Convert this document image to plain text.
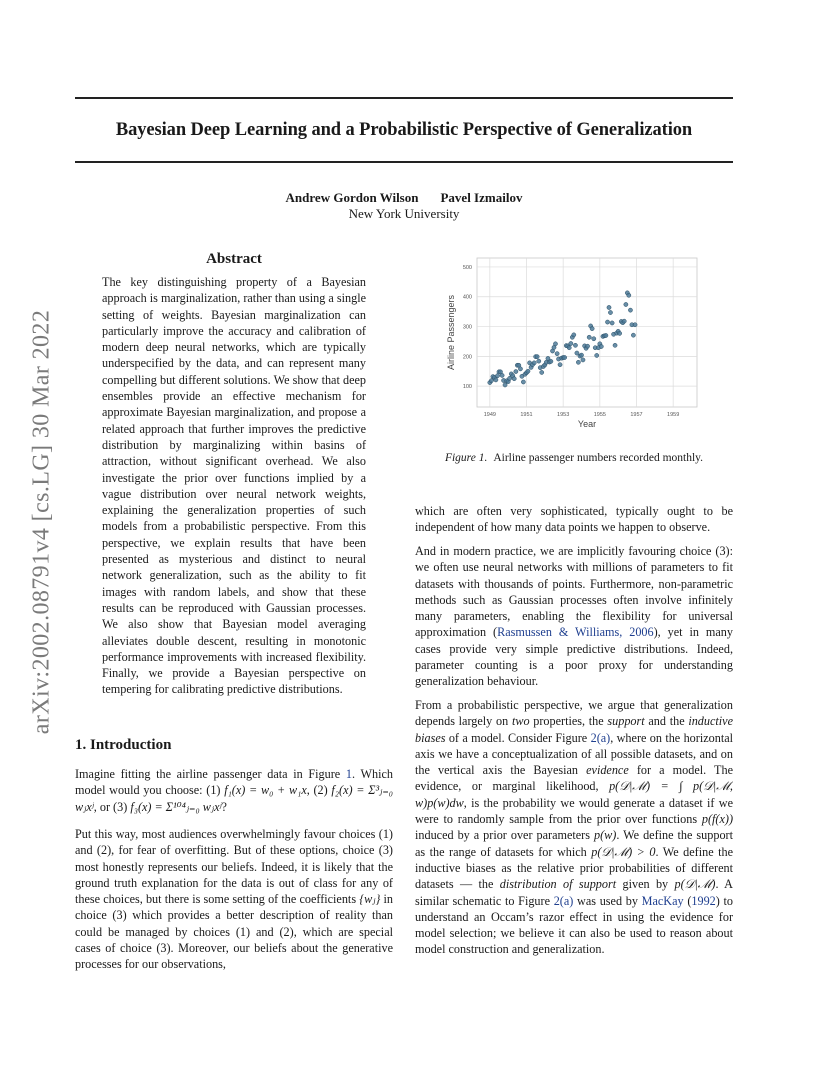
Bayesian Deep Learning and a Probabilistic Perspective of Generalization
Andrew Gordon Wilson Pavel Izmailov
New York University
arXiv:2002.08791v4 [cs.LG] 30 Mar 2022
Abstract
The key distinguishing property of a Bayesian approach is marginalization, rather than using a single setting of weights. Bayesian marginalization can particularly improve the accuracy and calibration of modern deep neural networks, which are typically underspecified by the data, and can represent many compelling but different solutions. We show that deep ensembles provide an effective mechanism for approximate Bayesian marginalization, and propose a related approach that further improves the predictive distribution by marginalizing within basins of attraction, without significant overhead. We also investigate the prior over functions implied by a vague distribution over neural network weights, explaining the generalization properties of such models from a probabilistic perspective. From this perspective, we explain results that have been presented as mysterious and distinct to neural network generalization, such as the ability to fit images with random labels, and show that these results can be reproduced with Gaussian processes. We also show that Bayesian model averaging alleviates double descent, resulting in monotonic performance improvements with increased flexibility. Finally, we provide a Bayesian perspective on tempering for calibrating predictive distributions.
1. Introduction
Imagine fitting the airline passenger data in Figure 1. Which model would you choose: (1) f₁(x) = w₀ + w₁x, (2) f₂(x) = Σ³ⱼ₌₀ wⱼxʲ, or (3) f₃(x) = Σ¹⁰⁴ⱼ₌₀ wⱼxʲ?
Put this way, most audiences overwhelmingly favour choices (1) and (2), for fear of overfitting. But of these options, choice (3) most honestly represents our beliefs. Indeed, it is likely that the ground truth explanation for the data is out of class for any of these choices, but there is some setting of the coefficients {wⱼ} in choice (3) which provides a better description of reality than could be managed by choices (1) and (2), which are special cases of choice (3). Moreover, our beliefs about the generative processes for our observations,
100
200
300
400
500
1949	1951	1953	1955	1957	1959
Year
Airline Passengers
Figure 1. Airline passenger numbers recorded monthly.
which are often very sophisticated, typically ought to be independent of how many data points we happen to observe.
And in modern practice, we are implicitly favouring choice (3): we often use neural networks with millions of parameters to fit datasets with thousands of points. Furthermore, non-parametric methods such as Gaussian processes often involve infinitely many parameters, enabling the flexibility for universal approximation (Rasmussen & Williams, 2006), yet in many cases provide very simple predictive distributions. Indeed, parameter counting is a poor proxy for understanding generalization behaviour.
From a probabilistic perspective, we argue that generalization depends largely on two properties, the support and the inductive biases of a model. Consider Figure 2(a), where on the horizontal axis we have a conceptualization of all possible datasets, and on the vertical axis the Bayesian evidence for a model. The evidence, or marginal likelihood, p(𝒟|ℳ) = ∫ p(𝒟|ℳ, w)p(w)dw, is the probability we would generate a dataset if we were to randomly sample from the prior over functions p(f(x)) induced by a prior over parameters p(w). We define the support as the range of datasets for which p(𝒟|ℳ) > 0. We define the inductive biases as the relative prior probabilities of different datasets — the distribution of support given by p(𝒟|ℳ). A similar schematic to Figure 2(a) was used by MacKay (1992) to understand an Occam’s razor effect in using the evidence for model selection; we believe it can also be used to reason about model construction and generalization.
